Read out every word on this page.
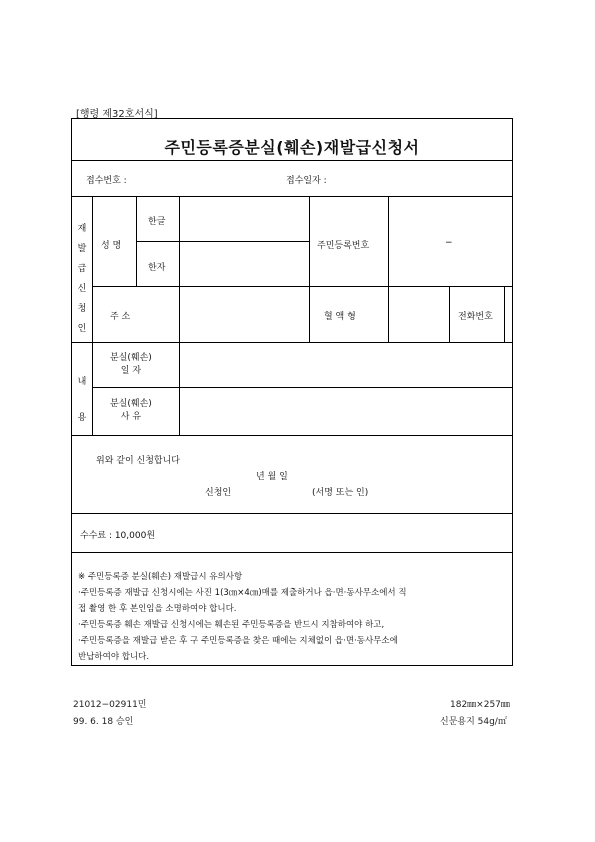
[행령 제32호서식]
주민등록증분실(훼손)재발급신청서
접수번호 :	접수일자 :
재
발
급
신
청
인
성 명
한글
한자
주민등록번호	−
주 소	혈 액 형	전화번호
내
용
분실(훼손)
일 자
분실(훼손)
사 유
위와 같이 신청합니다
년 월 일
신청인	(서명 또는 인)
수수료 : 10,000원
※ 주민등록증 분실(훼손) 재발급시 유의사항
·주민등록증 재발급 신청시에는 사진 1(3㎝×4㎝)매를 제출하거나 읍·면·동사무소에서 직
접 촬영 한 후 본인임을 소명하여야 합니다.
·주민등록증 훼손 재발급 신청시에는 훼손된 주민등록증을 반드시 지참하여야 하고,
·주민등록증을 재발급 받은 후 구 주민등록증을 찾은 때에는 지체없이 읍·면·동사무소에
반납하여야 합니다.
21012−02911민
99. 6. 18 승인
182㎜×257㎜
신문용지 54g/㎡
